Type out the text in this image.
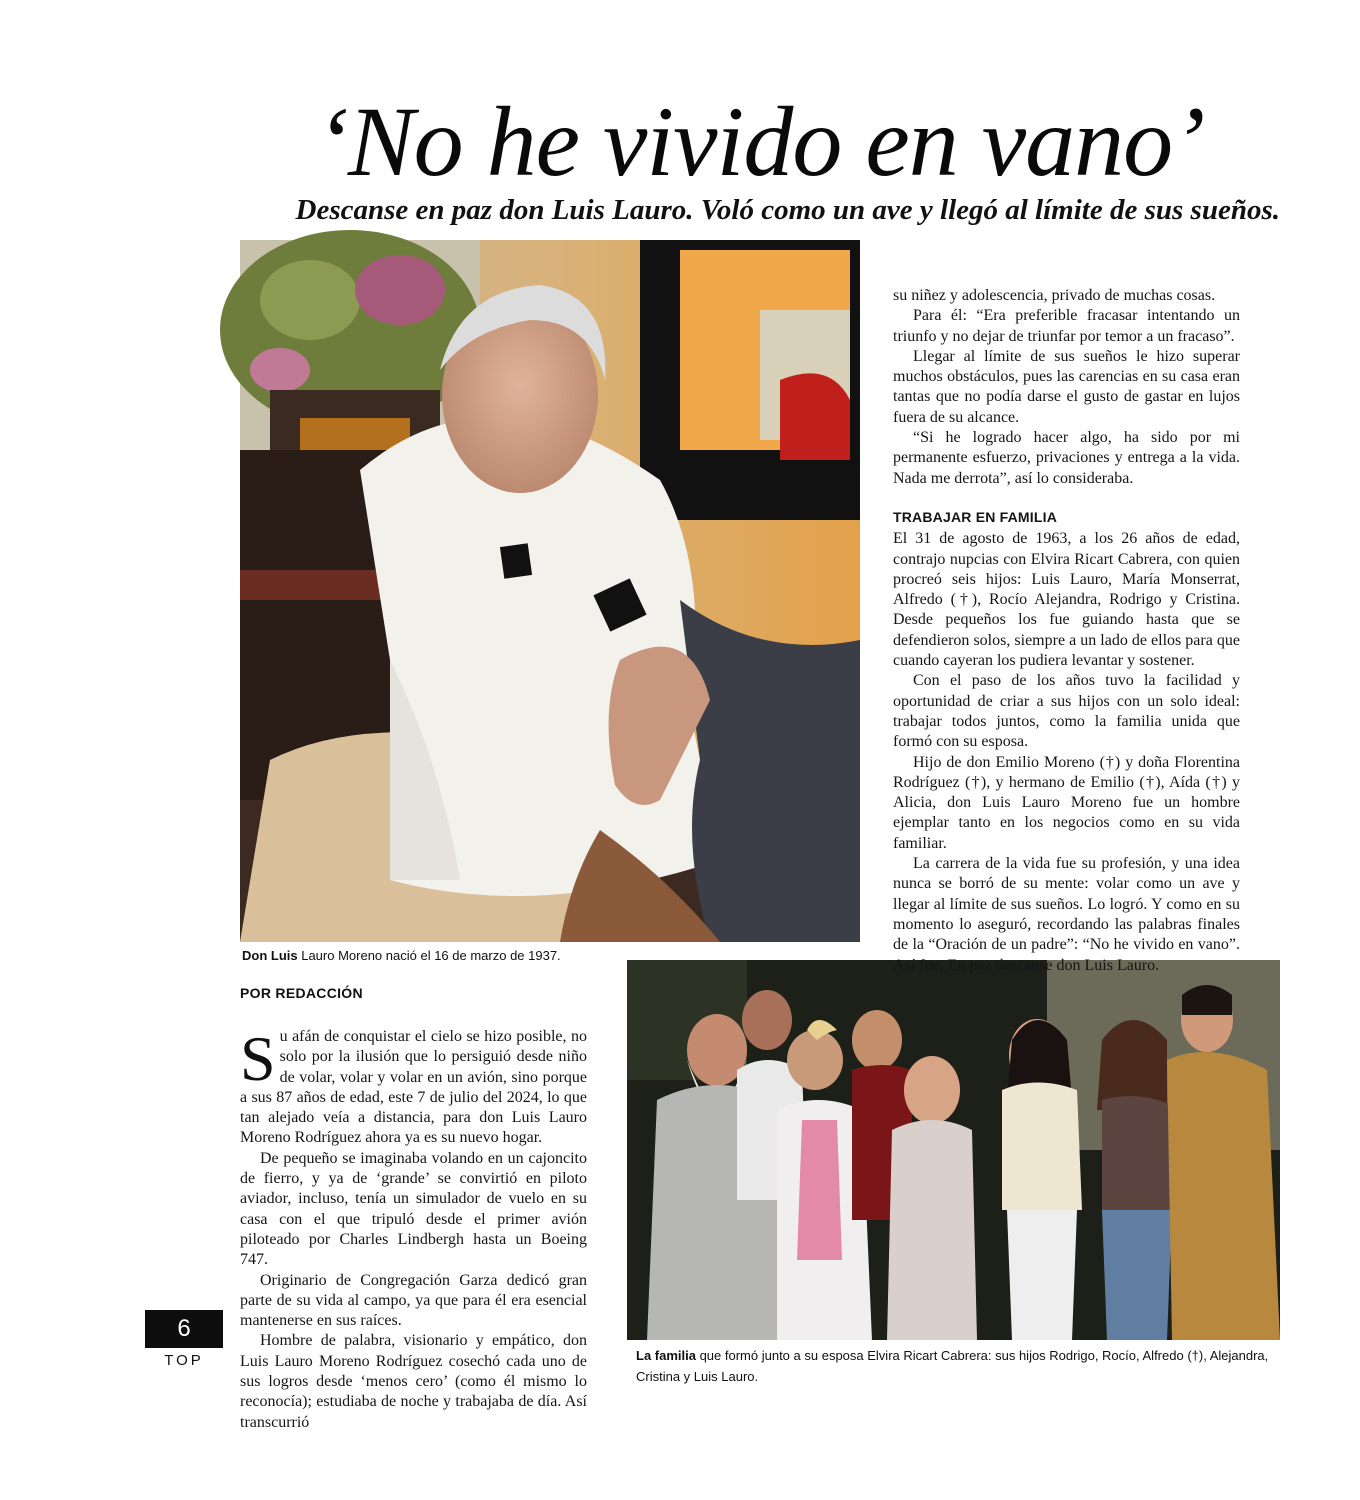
‘No he vivido en vano’
Descanse en paz don Luis Lauro. Voló como un ave y llegó al límite de sus sueños.
Don Luis Lauro Moreno nació el 16 de marzo de 1937.
POR REDACCIÓN

Su afán de conquistar el cielo se hizo posible, no solo por la ilusión que lo persiguió desde niño de volar, volar y volar en un avión, sino porque a sus 87 años de edad, este 7 de julio del 2024, lo que tan alejado veía a distancia, para don Luis Lauro Moreno Rodríguez ahora ya es su nuevo hogar.

De pequeño se imaginaba volando en un cajoncito de fierro, y ya de ‘grande’ se convirtió en piloto aviador, incluso, tenía un simulador de vuelo en su casa con el que tripuló desde el primer avión piloteado por Charles Lindbergh hasta un Boeing 747.

Originario de Congregación Garza dedicó gran parte de su vida al campo, ya que para él era esencial mantenerse en sus raíces.

Hombre de palabra, visionario y empático, don Luis Lauro Moreno Rodríguez cosechó cada uno de sus logros desde ‘menos cero’ (como él mismo lo reconocía); estudiaba de noche y trabajaba de día. Así transcurrió

La familia que formó junto a su esposa Elvira Ricart Cabrera: sus hijos Rodrigo, Rocío, Alfredo (†), Alejandra, Cristina y Luis Lauro.

su niñez y adolescencia, privado de muchas cosas.

Para él: “Era preferible fracasar intentando un triunfo y no dejar de triunfar por temor a un fracaso”.

Llegar al límite de sus sueños le hizo superar muchos obstáculos, pues las carencias en su casa eran tantas que no podía darse el gusto de gastar en lujos fuera de su alcance.

“Si he logrado hacer algo, ha sido por mi permanente esfuerzo, privaciones y entrega a la vida. Nada me derrota”, así lo consideraba.

TRABAJAR EN FAMILIA

El 31 de agosto de 1963, a los 26 años de edad, contrajo nupcias con Elvira Ricart Cabrera, con quien procreó seis hijos: Luis Lauro, María Monserrat, Alfredo (†), Rocío Alejandra, Rodrigo y Cristina. Desde pequeños los fue guiando hasta que se defendieron solos, siempre a un lado de ellos para que cuando cayeran los pudiera levantar y sostener.

Con el paso de los años tuvo la facilidad y oportunidad de criar a sus hijos con un solo ideal: trabajar todos juntos, como la familia unida que formó con su esposa.

Hijo de don Emilio Moreno (†) y doña Florentina Rodríguez (†), y hermano de Emilio (†), Aída (†) y Alicia, don Luis Lauro Moreno fue un hombre ejemplar tanto en los negocios como en su vida familiar.

La carrera de la vida fue su profesión, y una idea nunca se borró de su mente: volar como un ave y llegar al límite de sus sueños. Lo logró. Y como en su momento lo aseguró, recordando las palabras finales de la “Oración de un padre”: “No he vivido en vano”. Así fue. En paz descanse don Luis Lauro.

6
TOP
